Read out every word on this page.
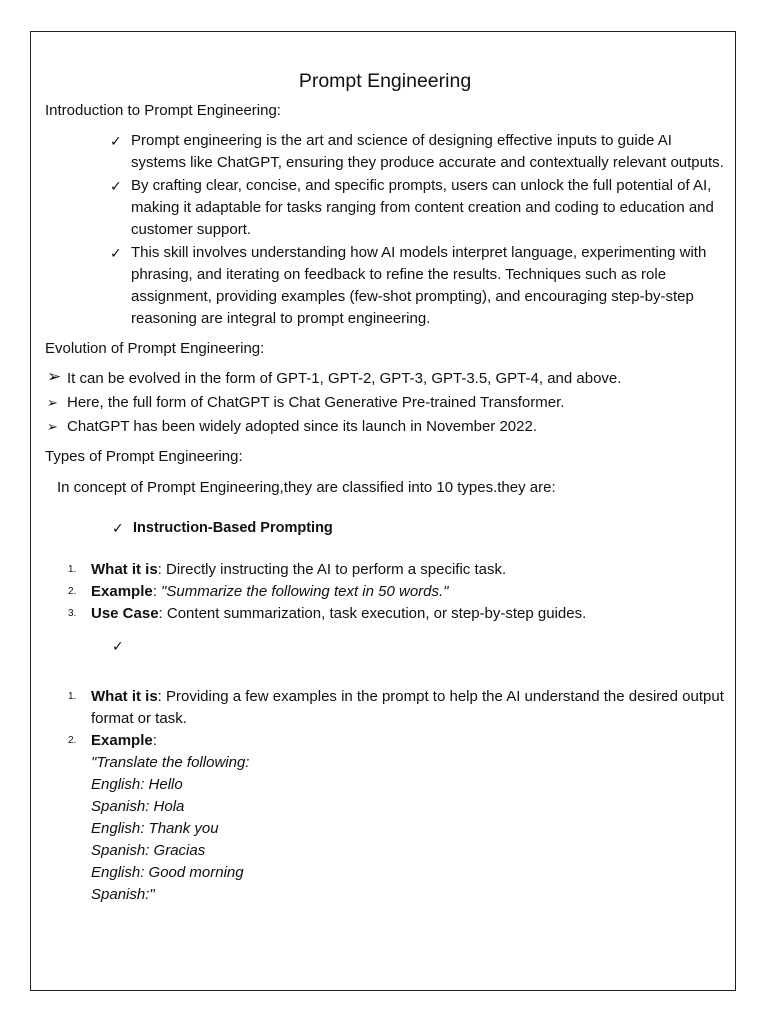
Prompt Engineering
Introduction to Prompt Engineering:
✓ Prompt engineering is the art and science of designing effective inputs to guide AI systems like ChatGPT, ensuring they produce accurate and contextually relevant outputs.
✓ By crafting clear, concise, and specific prompts, users can unlock the full potential of AI, making it adaptable for tasks ranging from content creation and coding to education and customer support.
✓ This skill involves understanding how AI models interpret language, experimenting with phrasing, and iterating on feedback to refine the results. Techniques such as role assignment, providing examples (few-shot prompting), and encouraging step-by-step reasoning are integral to prompt engineering.
Evolution of Prompt Engineering:
➢ It can be evolved in the form of GPT-1, GPT-2, GPT-3, GPT-3.5, GPT-4, and above.
➢ Here, the full form of ChatGPT is Chat Generative Pre-trained Transformer.
➢ ChatGPT has been widely adopted since its launch in November 2022.
Types of Prompt Engineering:
In concept of Prompt Engineering,they are classified into 10 types.they are:
✓ Instruction-Based Prompting
1. What it is: Directly instructing the AI to perform a specific task.
2. Example: "Summarize the following text in 50 words."
3. Use Case: Content summarization, task execution, or step-by-step guides.
✓
1. What it is: Providing a few examples in the prompt to help the AI understand the desired output format or task.
2. Example:
"Translate the following:
English: Hello
Spanish: Hola
English: Thank you
Spanish: Gracias
English: Good morning
Spanish:"
